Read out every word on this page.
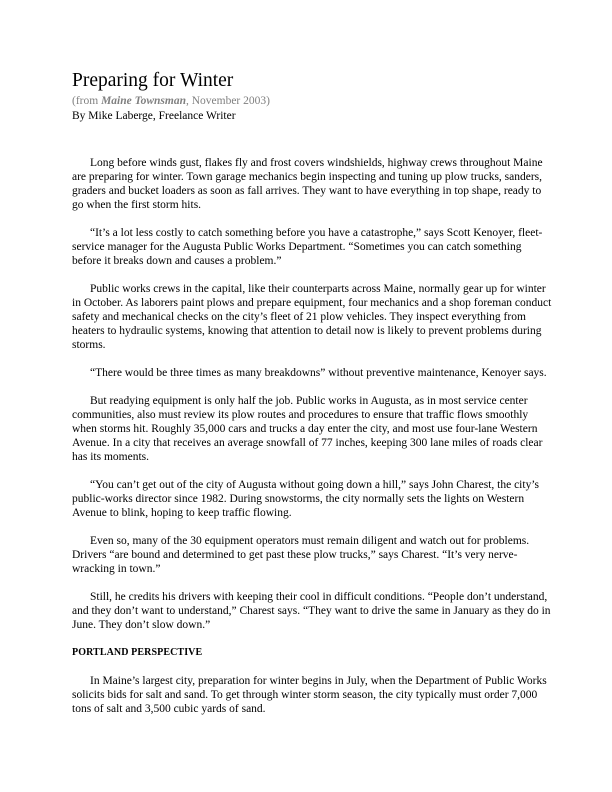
Preparing for Winter

(from Maine Townsman, November 2003)

By Mike Laberge, Freelance Writer

Long before winds gust, flakes fly and frost covers windshields, highway crews throughout Maine are preparing for winter. Town garage mechanics begin inspecting and tuning up plow trucks, sanders, graders and bucket loaders as soon as fall arrives. They want to have everything in top shape, ready to go when the first storm hits.

“It’s a lot less costly to catch something before you have a catastrophe,” says Scott Kenoyer, fleet-service manager for the Augusta Public Works Department. “Sometimes you can catch something before it breaks down and causes a problem.”

Public works crews in the capital, like their counterparts across Maine, normally gear up for winter in October. As laborers paint plows and prepare equipment, four mechanics and a shop foreman conduct safety and mechanical checks on the city’s fleet of 21 plow vehicles. They inspect everything from heaters to hydraulic systems, knowing that attention to detail now is likely to prevent problems during storms.

“There would be three times as many breakdowns” without preventive maintenance, Kenoyer says.

But readying equipment is only half the job. Public works in Augusta, as in most service center communities, also must review its plow routes and procedures to ensure that traffic flows smoothly when storms hit. Roughly 35,000 cars and trucks a day enter the city, and most use four-lane Western Avenue. In a city that receives an average snowfall of 77 inches, keeping 300 lane miles of roads clear has its moments.

“You can’t get out of the city of Augusta without going down a hill,” says John Charest, the city’s public-works director since 1982. During snowstorms, the city normally sets the lights on Western Avenue to blink, hoping to keep traffic flowing.

Even so, many of the 30 equipment operators must remain diligent and watch out for problems. Drivers “are bound and determined to get past these plow trucks,” says Charest. “It’s very nerve-wracking in town.”

Still, he credits his drivers with keeping their cool in difficult conditions. “People don’t understand, and they don’t want to understand,” Charest says. “They want to drive the same in January as they do in June. They don’t slow down.”

PORTLAND PERSPECTIVE

In Maine’s largest city, preparation for winter begins in July, when the Department of Public Works solicits bids for salt and sand. To get through winter storm season, the city typically must order 7,000 tons of salt and 3,500 cubic yards of sand.
